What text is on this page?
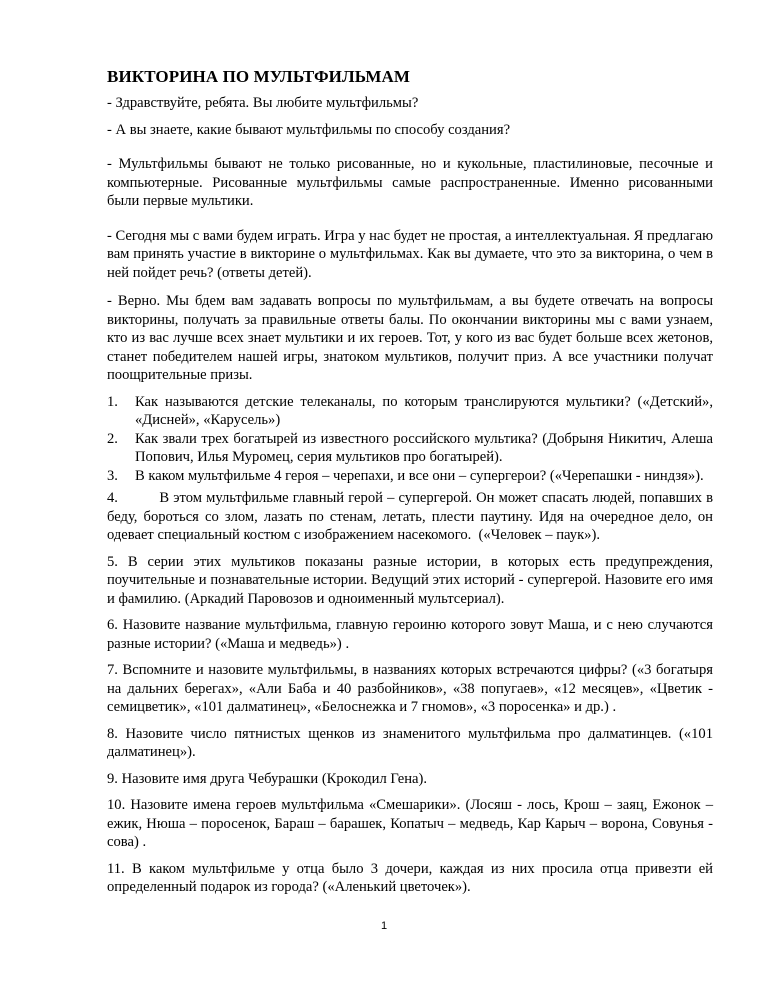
ВИКТОРИНА ПО МУЛЬТФИЛЬМАМ

- Здравствуйте, ребята. Вы любите мультфильмы?

- А вы знаете, какие бывают мультфильмы по способу создания?

- Мультфильмы бывают не только рисованные, но и кукольные, пластилиновые, песочные и компьютерные. Рисованные мультфильмы самые распространенные. Именно рисованными были первые мультики.

- Сегодня мы с вами будем играть. Игра у нас будет не простая, а интеллектуальная. Я предлагаю вам принять участие в викторине о мультфильмах. Как вы думаете, что это за викторина, о чем в ней пойдет речь? (ответы детей).

- Верно. Мы бдем вам задавать вопросы по мультфильмам, а вы будете отвечать на вопросы викторины, получать за правильные ответы балы. По окончании викторины мы с вами узнаем, кто из вас лучше всех знает мультики и их героев. Тот, у кого из вас будет больше всех жетонов, станет победителем нашей игры, знатоком мультиков, получит приз. А все участники получат поощрительные призы.

1. Как называются детские телеканалы, по которым транслируются мультики? («Детский», «Дисней», «Карусель»)
2. Как звали трех богатырей из известного российского мультика? (Добрыня Никитич, Алеша Попович, Илья Муромец, серия мультиков про богатырей).
3. В каком мультфильме 4 героя – черепахи, и все они – супергерои? («Черепашки - ниндзя»).

4.          В этом мультфильме главный герой – супергерой. Он может спасать людей, попавших в беду, бороться со злом, лазать по стенам, летать, плести паутину. Идя на очередное дело, он одевает специальный костюм с изображением насекомого.  («Человек – паук»).

5. В серии этих мультиков показаны разные истории, в которых есть предупреждения, поучительные и познавательные истории. Ведущий этих историй - супергерой. Назовите его имя и фамилию. (Аркадий Паровозов и одноименный мультсериал).

6. Назовите название мультфильма, главную героиню которого зовут Маша, и с нею случаются разные истории? («Маша и медведь») .

7. Вспомните и назовите мультфильмы, в названиях которых встречаются цифры? («3 богатыря на дальних берегах», «Али Баба и 40 разбойников», «38 попугаев», «12 месяцев», «Цветик - семицветик», «101 далматинец», «Белоснежка и 7 гномов», «3 поросенка» и др.) .

8. Назовите число пятнистых щенков из знаменитого мультфильма про далматинцев. («101 далматинец»).

9. Назовите имя друга Чебурашки (Крокодил Гена).

10. Назовите имена героев мультфильма «Смешарики». (Лосяш - лось, Крош – заяц, Ежонок – ежик, Нюша – поросенок, Бараш – барашек, Копатыч – медведь, Кар Карыч – ворона, Совунья - сова) .

11. В каком мультфильме у отца было 3 дочери, каждая из них просила отца привезти ей определенный подарок из города? («Аленький цветочек»).

1
